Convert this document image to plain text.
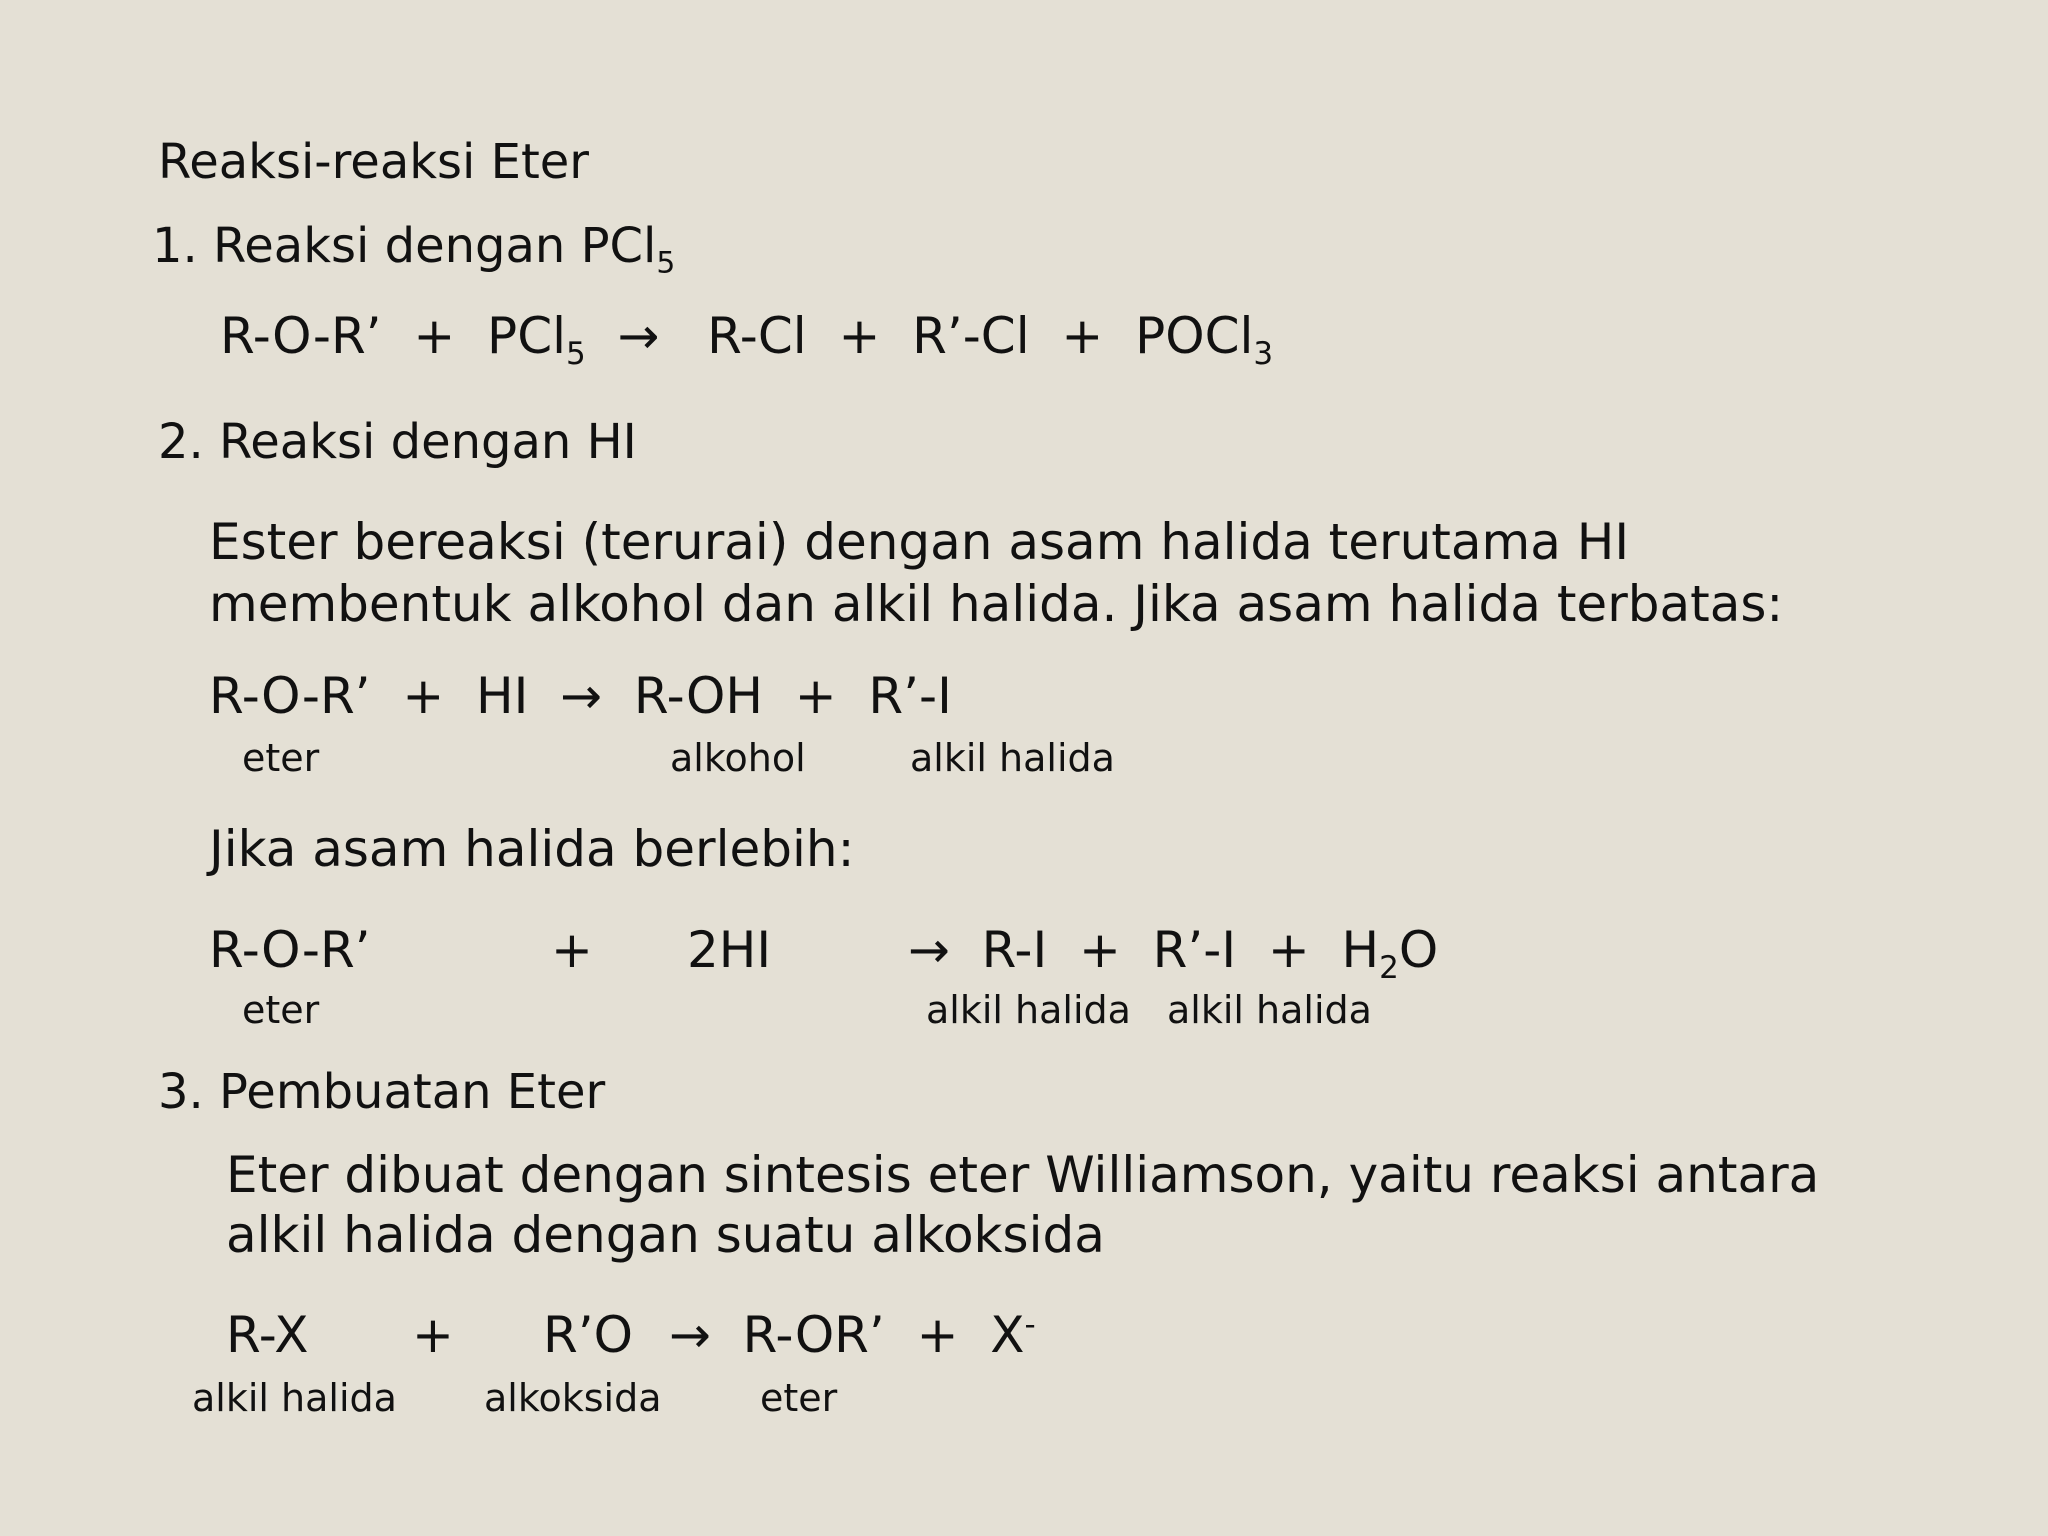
Reaksi-reaksi Eter
1. Reaksi dengan PCl$_5$
R-O-R’  +  PCl$_5$  →   R-Cl  +  R’-Cl  +  POCl$_3$
2. Reaksi dengan HI
Ester bereaksi (terurai) dengan asam halida terutama HI
membentuk alkohol dan alkil halida. Jika asam halida terbatas:
R-O-R’  +  HI  →  R-OH  +  R’-I
eter	alkohol	alkil halida
Jika asam halida berlebih:
R-O-R’	+ 2HI	→  R-I  +  R’-I  +  $H_2O$
eter	alkil halida alkil halida
3. Pembuatan Eter
Eter dibuat dengan sintesis eter Williamson, yaitu reaksi antara
alkil halida dengan suatu alkoksida
R-X + R’O →  R-OR’  +  X-
alkil halida alkoksida	eter
